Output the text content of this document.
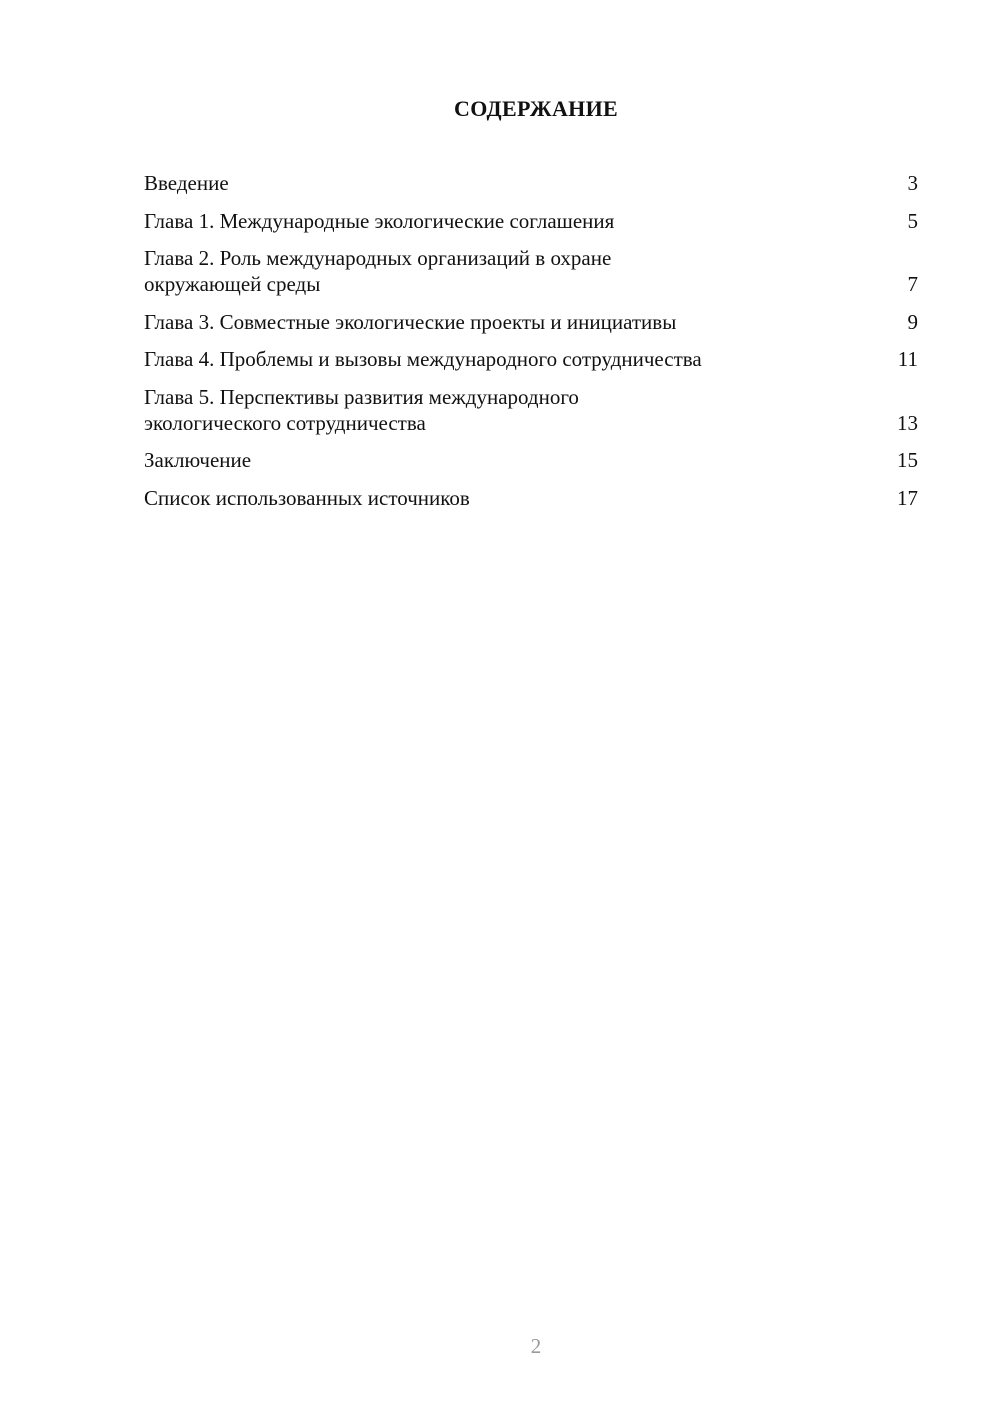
СОДЕРЖАНИЕ
Введение	3
Глава 1. Международные экологические соглашения	5
Глава 2. Роль международных организаций в охране окружающей среды	7
Глава 3. Совместные экологические проекты и инициативы	9
Глава 4. Проблемы и вызовы международного сотрудничества	11
Глава 5. Перспективы развития международного экологического сотрудничества	13
Заключение	15
Список использованных источников	17
2
